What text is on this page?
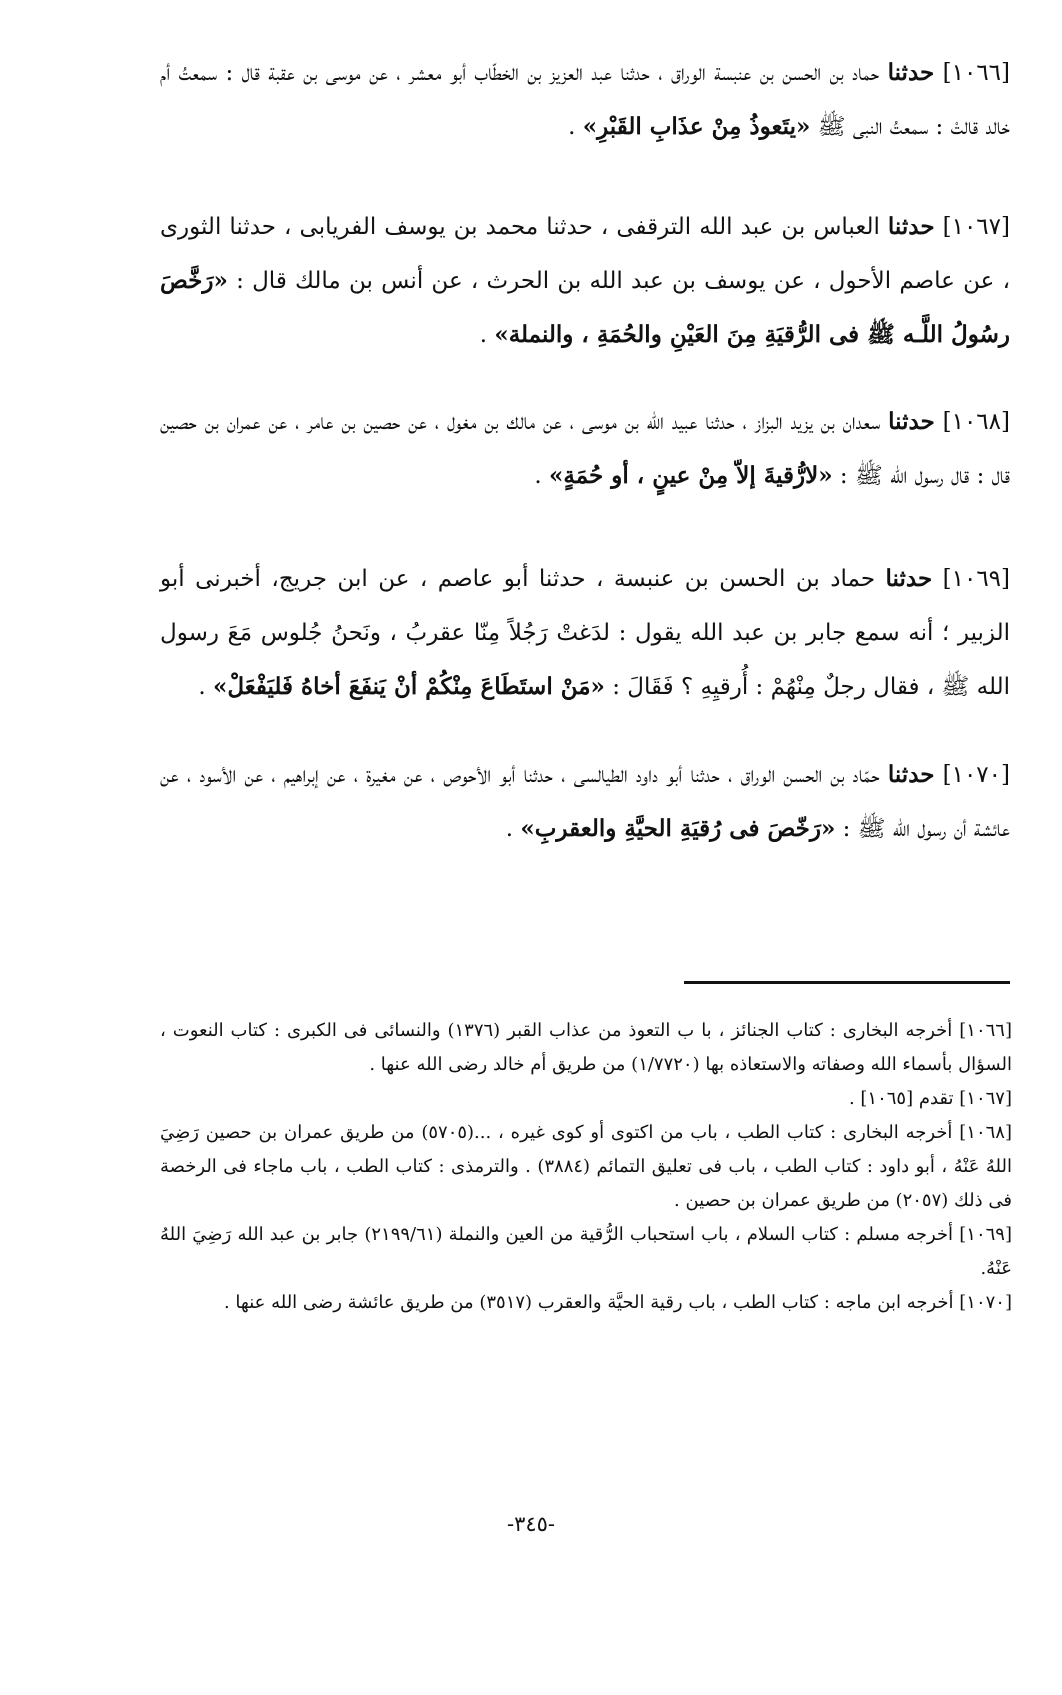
[١٠٦٦] حدثنا حماد بن الحسن بن عنبسة الوراق ، حدثنا عبد العزيز بن الخطّاب أبو معشر ، عن موسى بن عقبة قال : سمعتُ أم خالد قالتْ : سمعتُ النبى ﷺ «يتَعوذُ مِنْ عذَابِ القَبْرِ» .
[١٠٦٧] حدثنا العباس بن عبد الله الترقفى ، حدثنا محمد بن يوسف الفريابى ، حدثنا الثورى ، عن عاصم الأحول ، عن يوسف بن عبد الله بن الحرث ، عن أنس بن مالك قال : «رَخَّصَ رسُولُ اللَّـه ﷺ فى الرُّقيَةِ مِنَ العَيْنِ والحُمَةِ ، والنملة» .
[١٠٦٨] حدثنا سعدان بن يزيد البزاز ، حدثنا عبيد الله بن موسى ، عن مالك بن مغول ، عن حصين بن عامر ، عن عمران بن حصين قال : قال رسول الله ﷺ : «لارُّقيةَ إلاّ مِنْ عينٍ ، أو حُمَةٍ» .
[١٠٦٩] حدثنا حماد بن الحسن بن عنبسة ، حدثنا أبو عاصم ، عن ابن جريج، أخبرنى أبو الزبير ؛ أنه سمع جابر بن عبد الله يقول : لدَغتْ رَجُلاً مِنّا عقربُ ، ونَحنُ جُلوس مَعَ رسول الله ﷺ ، فقال رجلٌ مِنْهُمْ : أُرقيِهِ ؟ فَقَالَ : «مَنْ استَطَاعَ مِنْكُمْ أنْ يَنفَعَ أخاهُ فَليَفْعَلْ» .
[١٠٧٠] حدثنا حمّاد بن الحسن الوراق ، حدثنا أبو داود الطيالسى ، حدثنا أبو الأحوص ، عن مغيرة ، عن إبراهيم ، عن الأسود ، عن عائشة أن رسول الله ﷺ : «رَخّصَ فى رُقيَةِ الحيَّةِ والعقربِ» .
[١٠٦٦] أخرجه البخارى : كتاب الجنائز ، با ب التعوذ من عذاب القبر (١٣٧٦) والنسائى فى الكبرى : كتاب النعوت ، السؤال بأسماء الله وصفاته والاستعاذه بها (١/٧٧٢٠) من طريق أم خالد رضى الله عنها .
[١٠٦٧] تقدم [١٠٦٥] .
[١٠٦٨] أخرجه البخارى : كتاب الطب ، باب من اكتوى أو كوى غيره ، ...(٥٧٠٥) من طريق عمران بن حصين رَضِيَ اللهُ عَنْهُ ، أبو داود : كتاب الطب ، باب فى تعليق التمائم (٣٨٨٤) . والترمذى : كتاب الطب ، باب ماجاء فى الرخصة فى ذلك (٢٠٥٧) من طريق عمران بن حصين .
[١٠٦٩] أخرجه مسلم : كتاب السلام ، باب استحباب الرُّقية من العين والنملة (٢١٩٩/٦١) جابر بن عبد الله رَضِيَ اللهُ عَنْهُ.
[١٠٧٠] أخرجه ابن ماجه : كتاب الطب ، باب رقية الحيَّة والعقرب (٣٥١٧) من طريق عائشة رضى الله عنها .
-٣٤٥-
